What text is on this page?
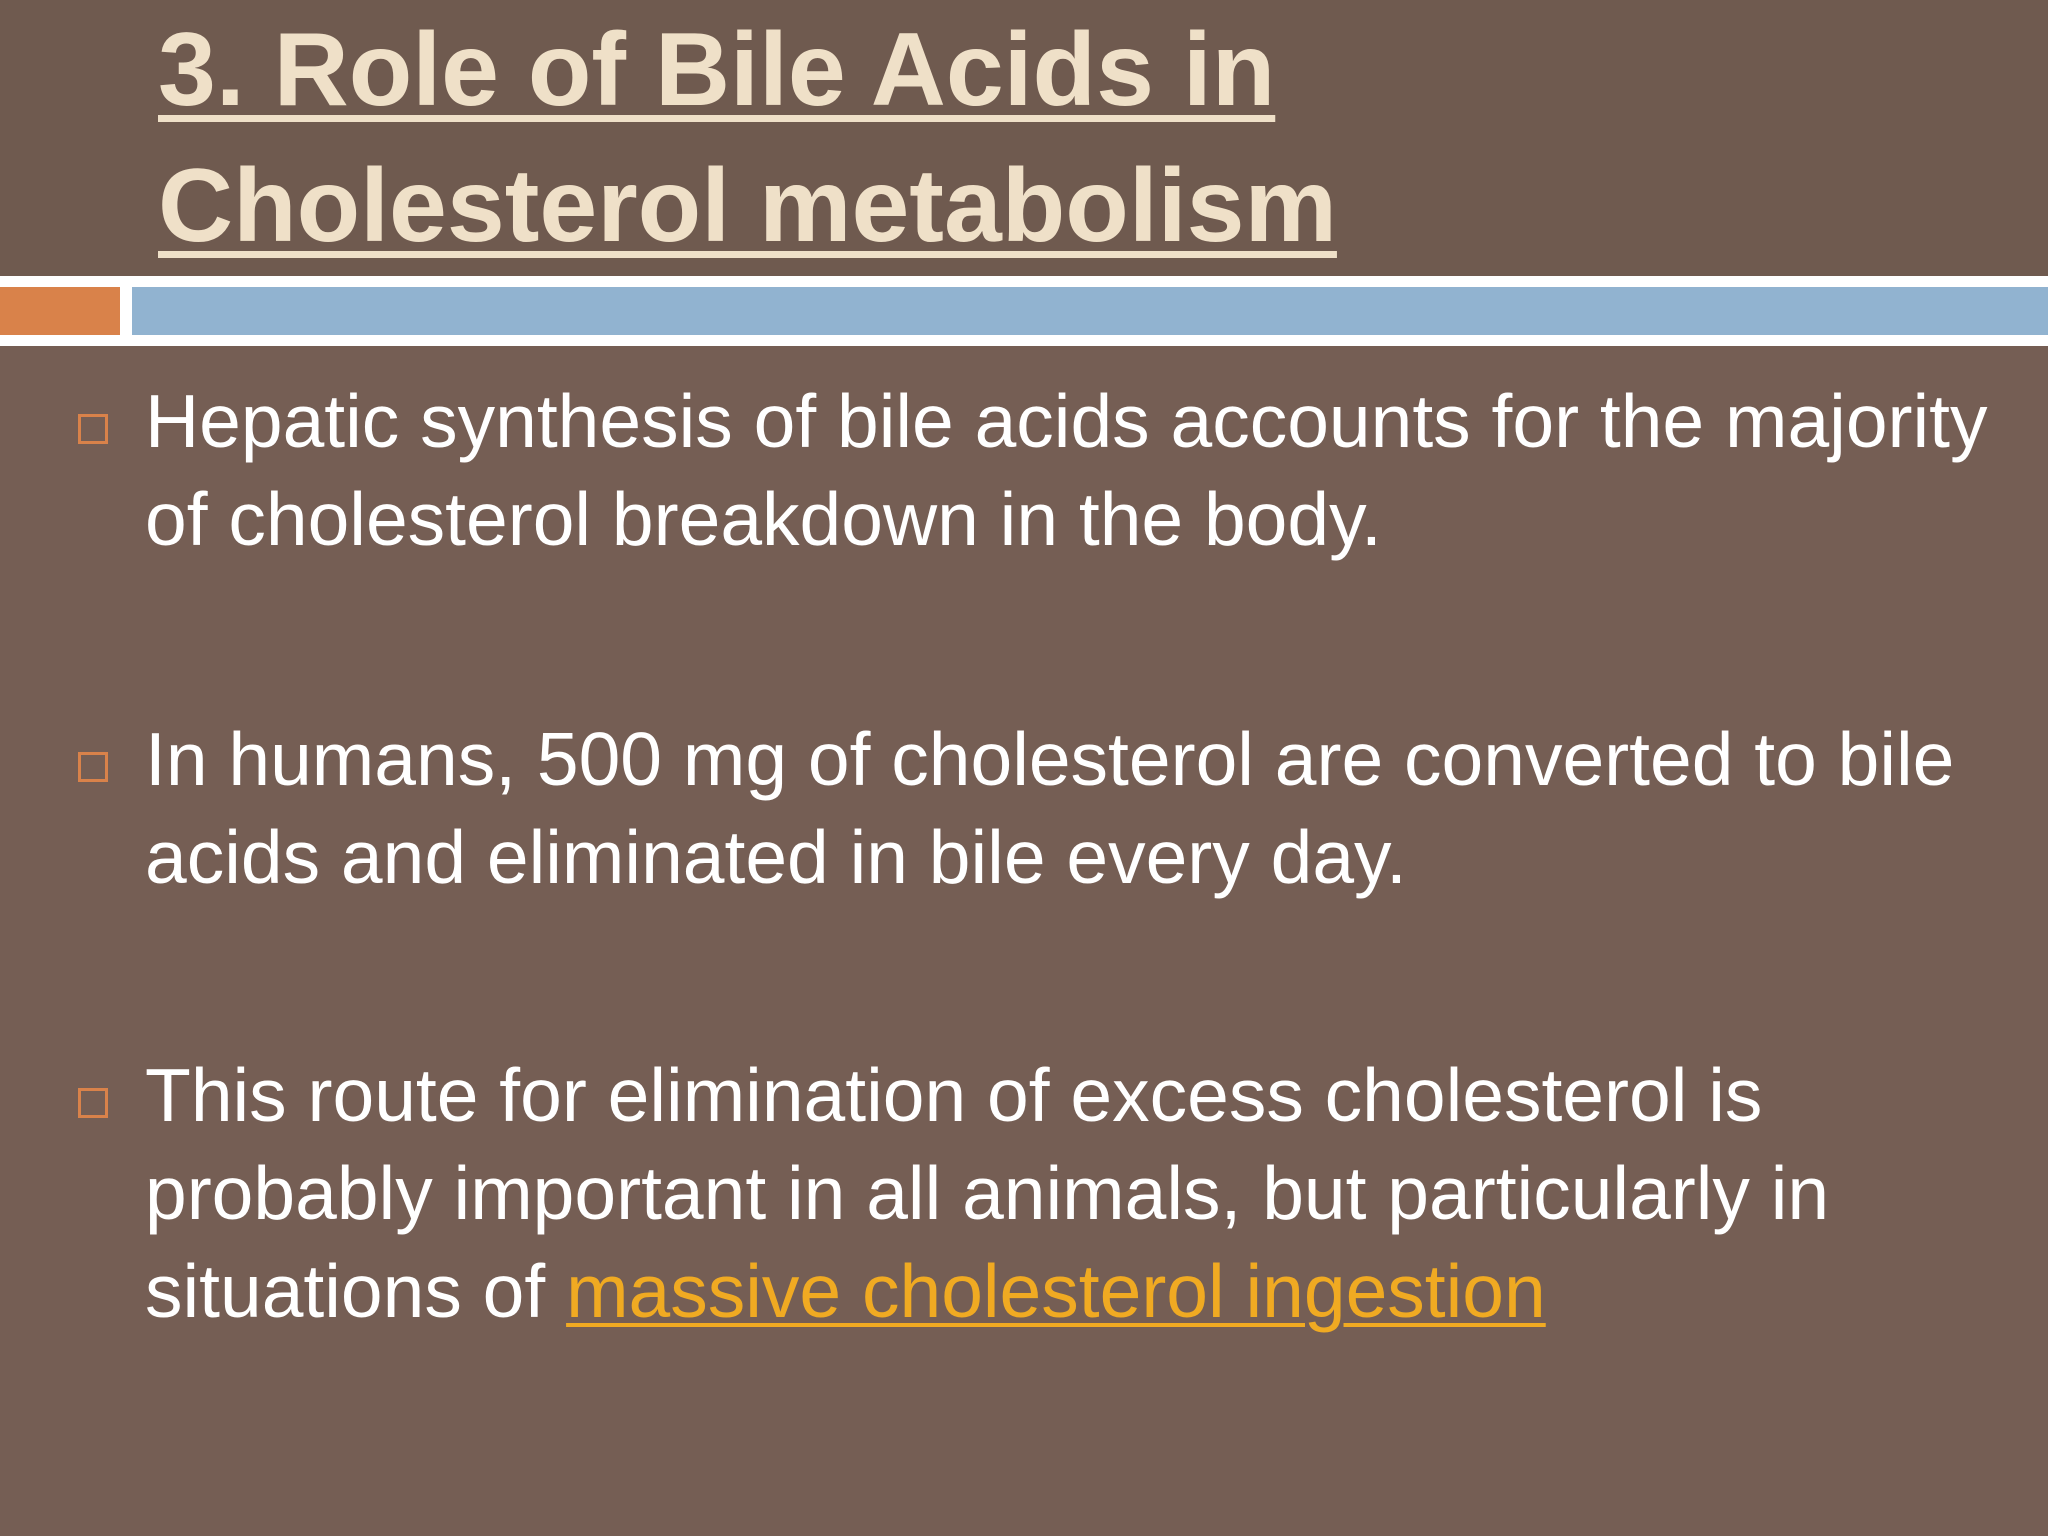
3. Role of Bile Acids in
Cholesterol metabolism
Hepatic synthesis of bile acids accounts for the majority of cholesterol breakdown in the body.
In humans, 500 mg of cholesterol are converted to bile acids and eliminated in bile every day.
This route for elimination of excess cholesterol is probably important in all animals, but particularly in situations of massive cholesterol ingestion
